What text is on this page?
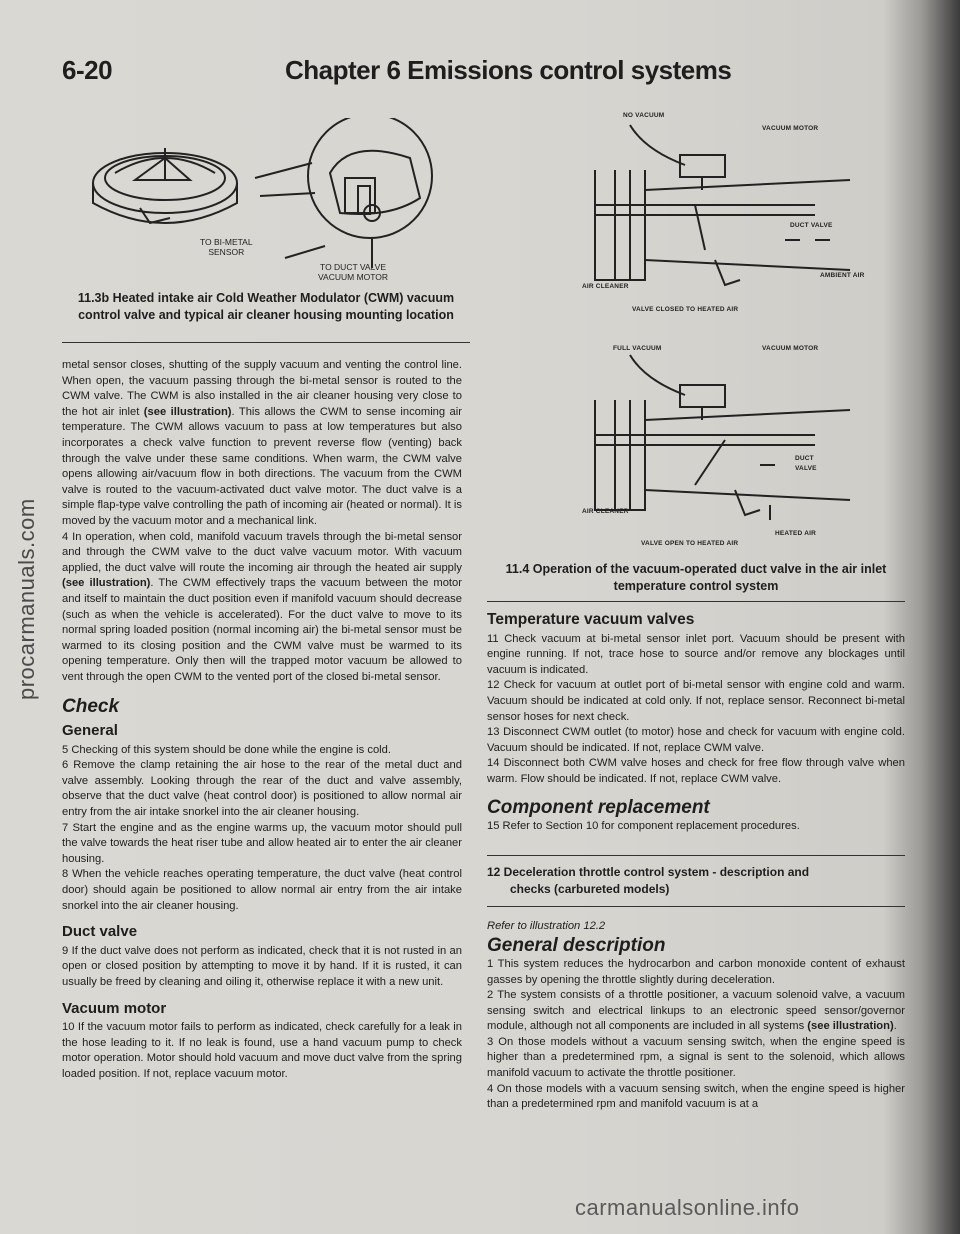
6-20	Chapter 6 Emissions control systems
TO BI-METAL
SENSOR
TO DUCT VALVE
VACUUM MOTOR
11.3b Heated intake air Cold Weather Modulator (CWM) vacuum
control valve and typical air cleaner housing mounting location
NO VACUUM
VACUUM MOTOR
DUCT VALVE
AMBIENT AIR
AIR CLEANER
VALVE CLOSED TO HEATED AIR
FULL VACUUM	VACUUM MOTOR
DUCT
VALVE
AIR CLEANER
HEATED AIR
VALVE OPEN TO HEATED AIR
11.4 Operation of the vacuum-operated duct valve in the air inlet
temperature control system

metal sensor closes, shutting of the supply vacuum and venting the control line. When open, the vacuum passing through the bi-metal sensor is routed to the CWM valve. The CWM is also installed in the air cleaner housing very close to the hot air inlet (see illustration). This allows the CWM to sense incoming air temperature. The CWM allows vacuum to pass at low temperatures but also incorporates a check valve function to prevent reverse flow (venting) back through the valve under these same conditions. When warm, the CWM valve opens allowing air/vacuum flow in both directions. The vacuum from the CWM valve is routed to the vacuum-activated duct valve motor. The duct valve is a simple flap-type valve controlling the path of incoming air (heated or normal). It is moved by the vacuum motor and a mechanical link.

4 In operation, when cold, manifold vacuum travels through the bi-metal sensor and through the CWM valve to the duct valve vacuum motor. With vacuum applied, the duct valve will route the incoming air through the heated air supply (see illustration). The CWM effectively traps the vacuum between the motor and itself to maintain the duct position even if manifold vacuum should decrease (such as when the vehicle is accelerated). For the duct valve to move to its normal spring loaded position (normal incoming air) the bi-metal sensor must be warmed to its closing position and the CWM valve must be warmed to its opening temperature. Only then will the trapped motor vacuum be allowed to vent through the open CWM to the vented port of the closed bi-metal sensor.

Check
General

5 Checking of this system should be done while the engine is cold.

6 Remove the clamp retaining the air hose to the rear of the metal duct and valve assembly. Looking through the rear of the duct and valve assembly, observe that the duct valve (heat control door) is positioned to allow normal air entry from the air intake snorkel into the air cleaner housing.

7 Start the engine and as the engine warms up, the vacuum motor should pull the valve towards the heat riser tube and allow heated air to enter the air cleaner housing.

8 When the vehicle reaches operating temperature, the duct valve (heat control door) should again be positioned to allow normal air entry from the air intake snorkel into the air cleaner housing.

Duct valve

9 If the duct valve does not perform as indicated, check that it is not rusted in an open or closed position by attempting to move it by hand. If it is rusted, it can usually be freed by cleaning and oiling it, otherwise replace it with a new unit.

Vacuum motor

10 If the vacuum motor fails to perform as indicated, check carefully for a leak in the hose leading to it. If no leak is found, use a hand vacuum pump to check motor operation. Motor should hold vacuum and move duct valve from the spring loaded position. If not, replace vacuum motor.

Temperature vacuum valves

11 Check vacuum at bi-metal sensor inlet port. Vacuum should be present with engine running. If not, trace hose to source and/or remove any blockages until vacuum is indicated.

12 Check for vacuum at outlet port of bi-metal sensor with engine cold and warm. Vacuum should be indicated at cold only. If not, replace sensor. Reconnect bi-metal sensor hoses for next check.

13 Disconnect CWM outlet (to motor) hose and check for vacuum with engine cold. Vacuum should be indicated. If not, replace CWM valve.

14 Disconnect both CWM valve hoses and check for free flow through valve when warm. Flow should be indicated. If not, replace CWM valve.

Component replacement

15 Refer to Section 10 for component replacement procedures.

12 Deceleration throttle control system - description and
checks (carbureted models)
Refer to illustration 12.2
General description

1 This system reduces the hydrocarbon and carbon monoxide content of exhaust gasses by opening the throttle slightly during deceleration.

2 The system consists of a throttle positioner, a vacuum solenoid valve, a vacuum sensing switch and electrical linkups to an electronic speed sensor/governor module, although not all components are included in all systems (see illustration).

3 On those models without a vacuum sensing switch, when the engine speed is higher than a predetermined rpm, a signal is sent to the solenoid, which allows manifold vacuum to activate the throttle positioner.

4 On those models with a vacuum sensing switch, when the engine speed is higher than a predetermined rpm and manifold vacuum is at a

procarmanuals.com
carmanualsonline.info
